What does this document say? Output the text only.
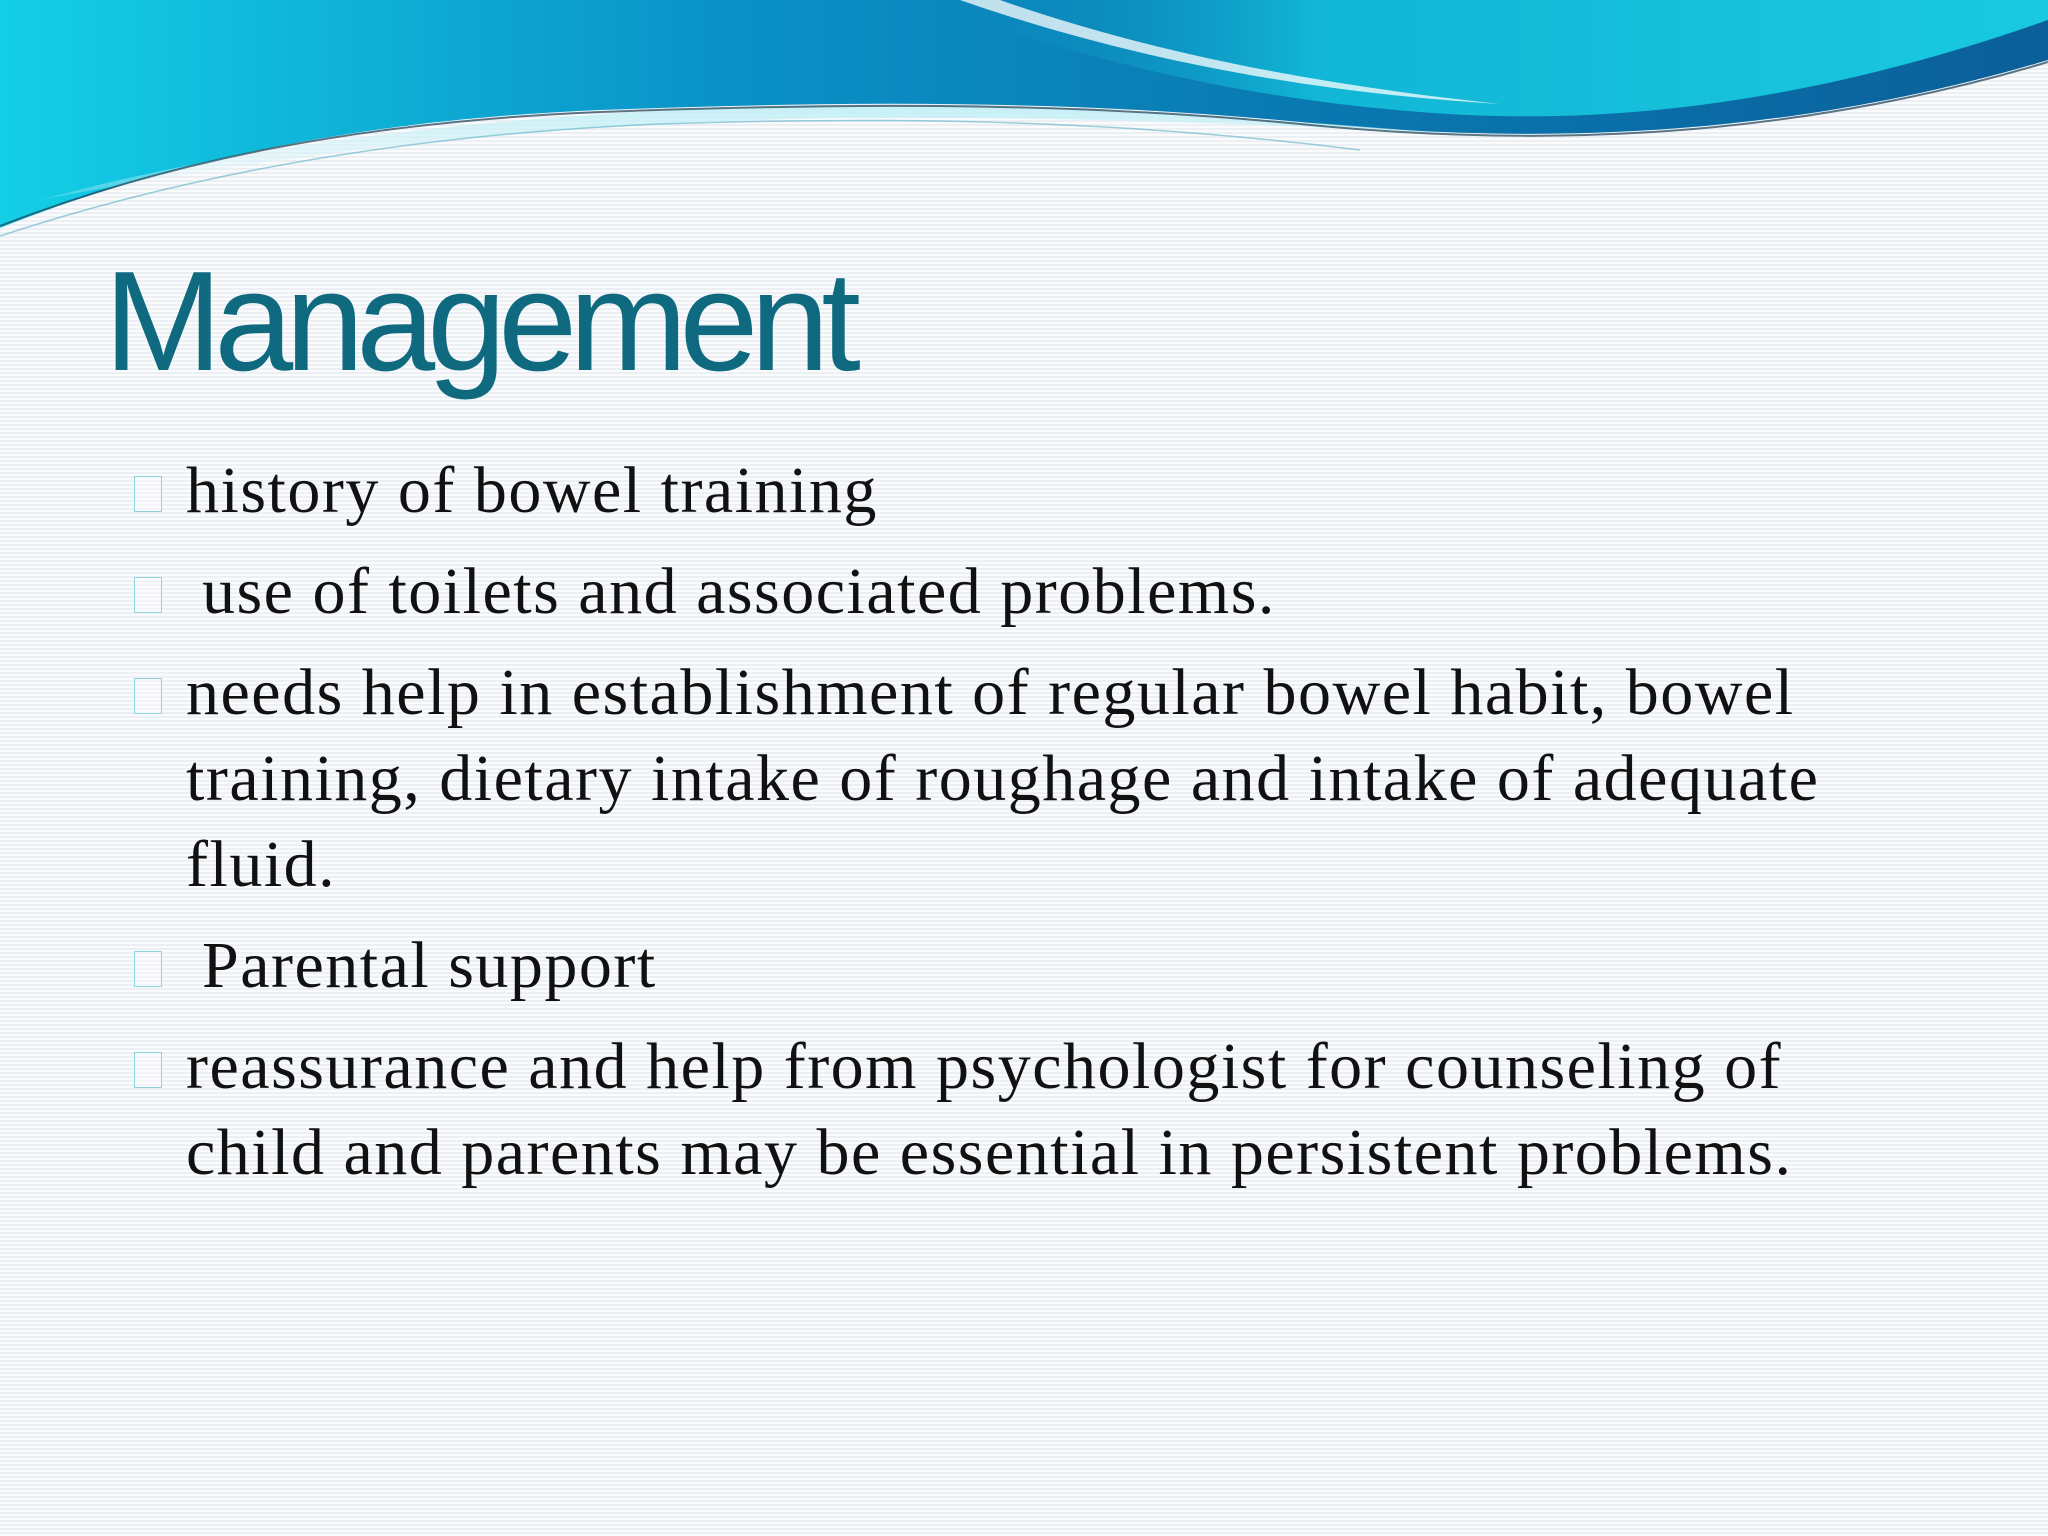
Management
history of bowel training
use of toilets and associated problems.
needs help in establishment of regular bowel habit, bowel training, dietary intake of roughage and intake of adequate fluid.
Parental support
reassurance and help from psychologist for counseling of child and parents may be essential in persistent problems.
